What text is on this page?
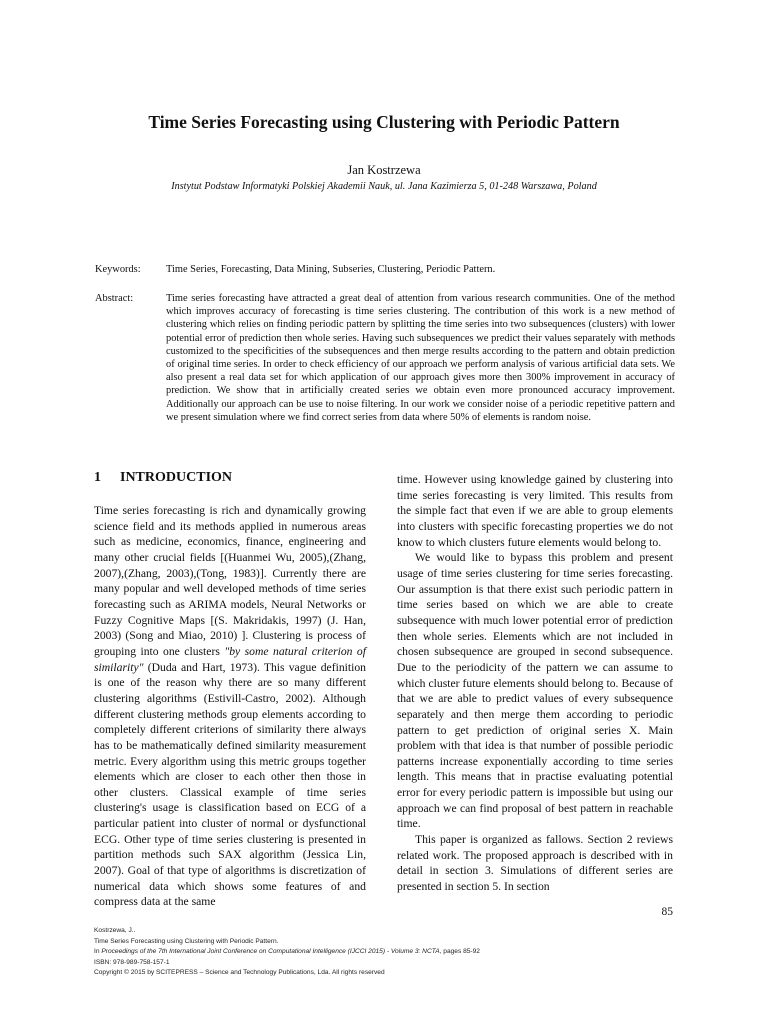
Time Series Forecasting using Clustering with Periodic Pattern
Jan Kostrzewa
Instytut Podstaw Informatyki Polskiej Akademii Nauk, ul. Jana Kazimierza 5, 01-248 Warszawa, Poland
Keywords: Time Series, Forecasting, Data Mining, Subseries, Clustering, Periodic Pattern.
Abstract:	Time series forecasting have attracted a great deal of attention from various research communities. One of the method which improves accuracy of forecasting is time series clustering. The contribution of this work is a new method of clustering which relies on finding periodic pattern by splitting the time series into two subsequences (clusters) with lower potential error of prediction then whole series. Having such subsequences we predict their values separately with methods customized to the specificities of the subsequences and then merge results according to the pattern and obtain prediction of original time series. In order to check efficiency of our approach we perform analysis of various artificial data sets. We also present a real data set for which application of our approach gives more then 300% improvement in accuracy of prediction. We show that in artificially created series we obtain even more pronounced accuracy improvement. Additionally our approach can be use to noise filtering. In our work we consider noise of a periodic repetitive pattern and we present simulation where we find correct series from data where 50% of elements is random noise.
1 INTRODUCTION

Time series forecasting is rich and dynamically growing science field and its methods applied in numerous areas such as medicine, economics, finance, engineering and many other crucial fields [(Huanmei Wu, 2005),(Zhang, 2007),(Zhang, 2003),(Tong, 1983)]. Currently there are many popular and well developed methods of time series forecasting such as ARIMA models, Neural Networks or Fuzzy Cognitive Maps [(S. Makridakis, 1997) (J. Han, 2003) (Song and Miao, 2010) ]. Clustering is process of grouping into one clusters "by some natural criterion of similarity" (Duda and Hart, 1973). This vague definition is one of the reason why there are so many different clustering algorithms (Estivill-Castro, 2002). Although different clustering methods group elements according to completely different criterions of similarity there always has to be mathematically defined similarity measurement metric. Every algorithm using this metric groups together elements which are closer to each other then those in other clusters. Classical example of time series clustering's usage is classification based on ECG of a particular patient into cluster of normal or dysfunctional ECG. Other type of time series clustering is presented in partition methods such SAX algorithm (Jessica Lin, 2007). Goal of that type of algorithms is discretization of numerical data which shows some features of and compress data at the same

time. However using knowledge gained by clustering into time series forecasting is very limited. This results from the simple fact that even if we are able to group elements into clusters with specific forecasting properties we do not know to which clusters future elements would belong to.

We would like to bypass this problem and present usage of time series clustering for time series forecasting. Our assumption is that there exist such periodic pattern in time series based on which we are able to create subsequence with much lower potential error of prediction then whole series. Elements which are not included in chosen subsequence are grouped in second subsequence. Due to the periodicity of the pattern we can assume to which cluster future elements should belong to. Because of that we are able to predict values of every subsequence separately and then merge them according to periodic pattern to get prediction of original series X. Main problem with that idea is that number of possible periodic patterns increase exponentially according to time series length. This means that in practise evaluating potential error for every periodic pattern is impossible but using our approach we can find proposal of best pattern in reachable time.

This paper is organized as fallows. Section 2 reviews related work. The proposed approach is described with in detail in section 3. Simulations of different series are presented in section 5. In section

85
Kostrzewa, J..
Time Series Forecasting using Clustering with Periodic Pattern.
In Proceedings of the 7th International Joint Conference on Computational Intelligence (IJCCI 2015) - Volume 3: NCTA, pages 85-92
ISBN: 978-989-758-157-1
Copyright © 2015 by SCITEPRESS – Science and Technology Publications, Lda. All rights reserved
